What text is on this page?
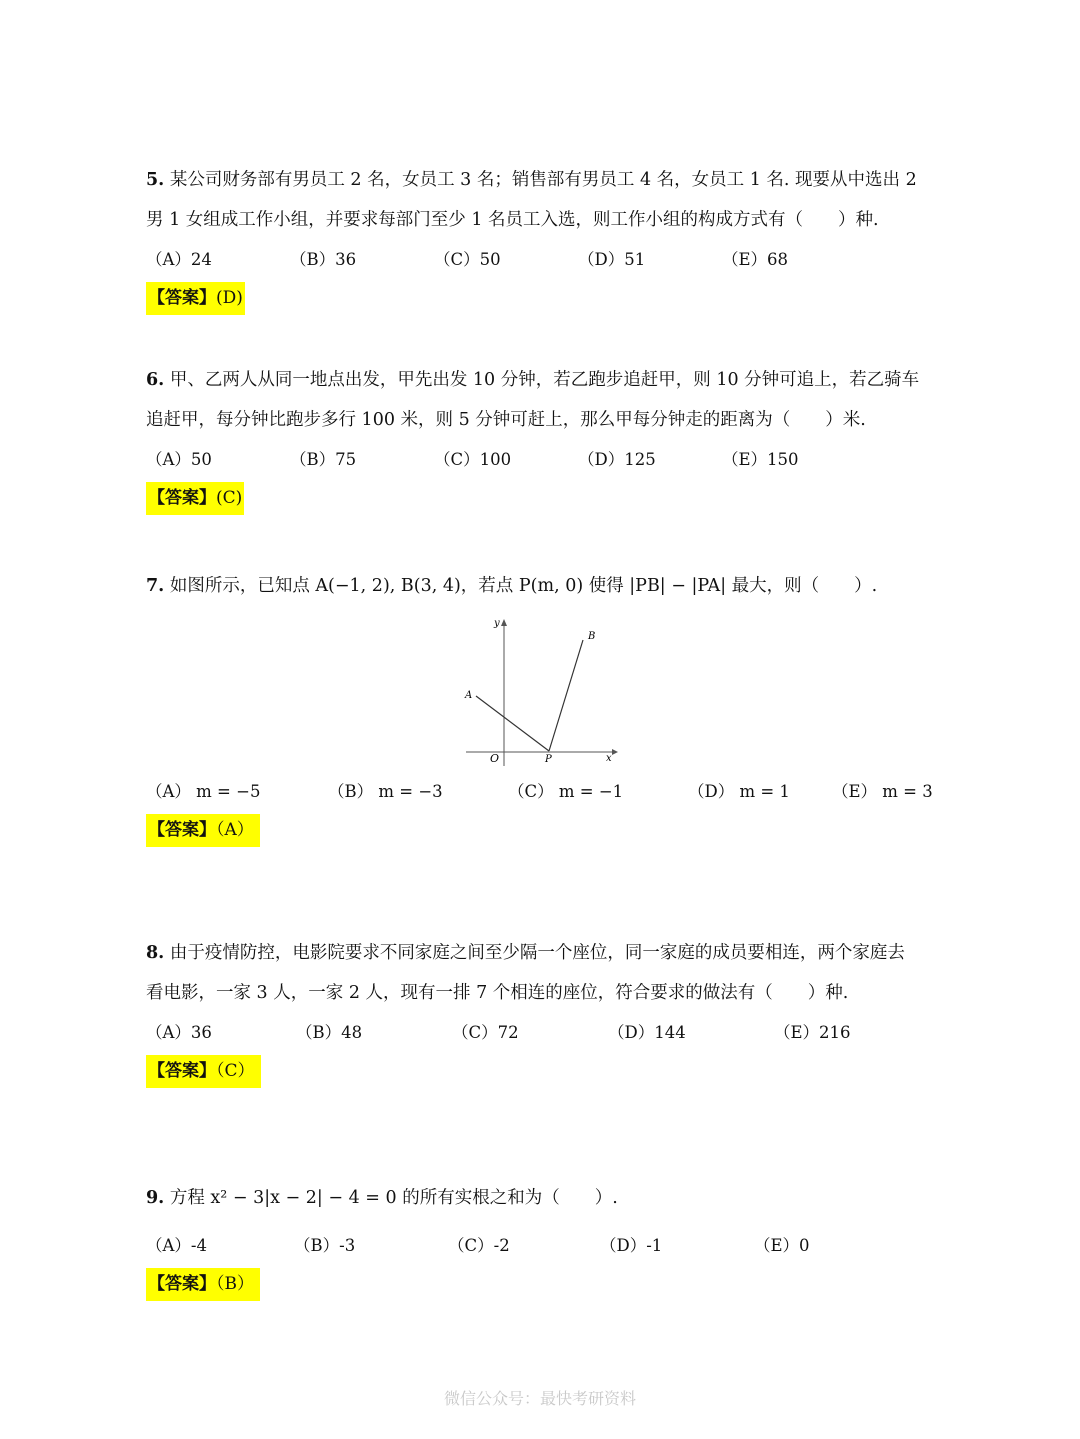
5. 某公司财务部有男员工 2 名，女员工 3 名；销售部有男员工 4 名，女员工 1 名. 现要从中选出 2
男 1 女组成工作小组，并要求每部门至少 1 名员工入选，则工作小组的构成方式有（　　）种.
（A）24	（B）36	（C）50	（D）51	（E）68
【答案】(D)
6. 甲、乙两人从同一地点出发，甲先出发 10 分钟，若乙跑步追赶甲，则 10 分钟可追上，若乙骑车
追赶甲，每分钟比跑步多行 100 米，则 5 分钟可赶上，那么甲每分钟走的距离为（　　）米.
（A）50	（B）75	（C）100	（D）125	（E）150
【答案】(C)
7. 如图所示，已知点 A(−1, 2), B(3, 4)，若点 P(m, 0) 使得 |PB| − |PA| 最大，则（　　）.
y
x
O
A
B
P
（A） m = −5	（B） m = −3	（C） m = −1	（D） m = 1	（E） m = 3
【答案】（A）
8. 由于疫情防控，电影院要求不同家庭之间至少隔一个座位，同一家庭的成员要相连，两个家庭去
看电影，一家 3 人，一家 2 人，现有一排 7 个相连的座位，符合要求的做法有（　　）种.
（A）36	（B）48	（C）72	（D）144	（E）216
【答案】（C）
9. 方程 x² − 3|x − 2| − 4 = 0 的所有实根之和为（　　）.
（A）-4	（B）-3	（C）-2	（D）-1	（E）0
【答案】（B）
微信公众号：最快考研资料
